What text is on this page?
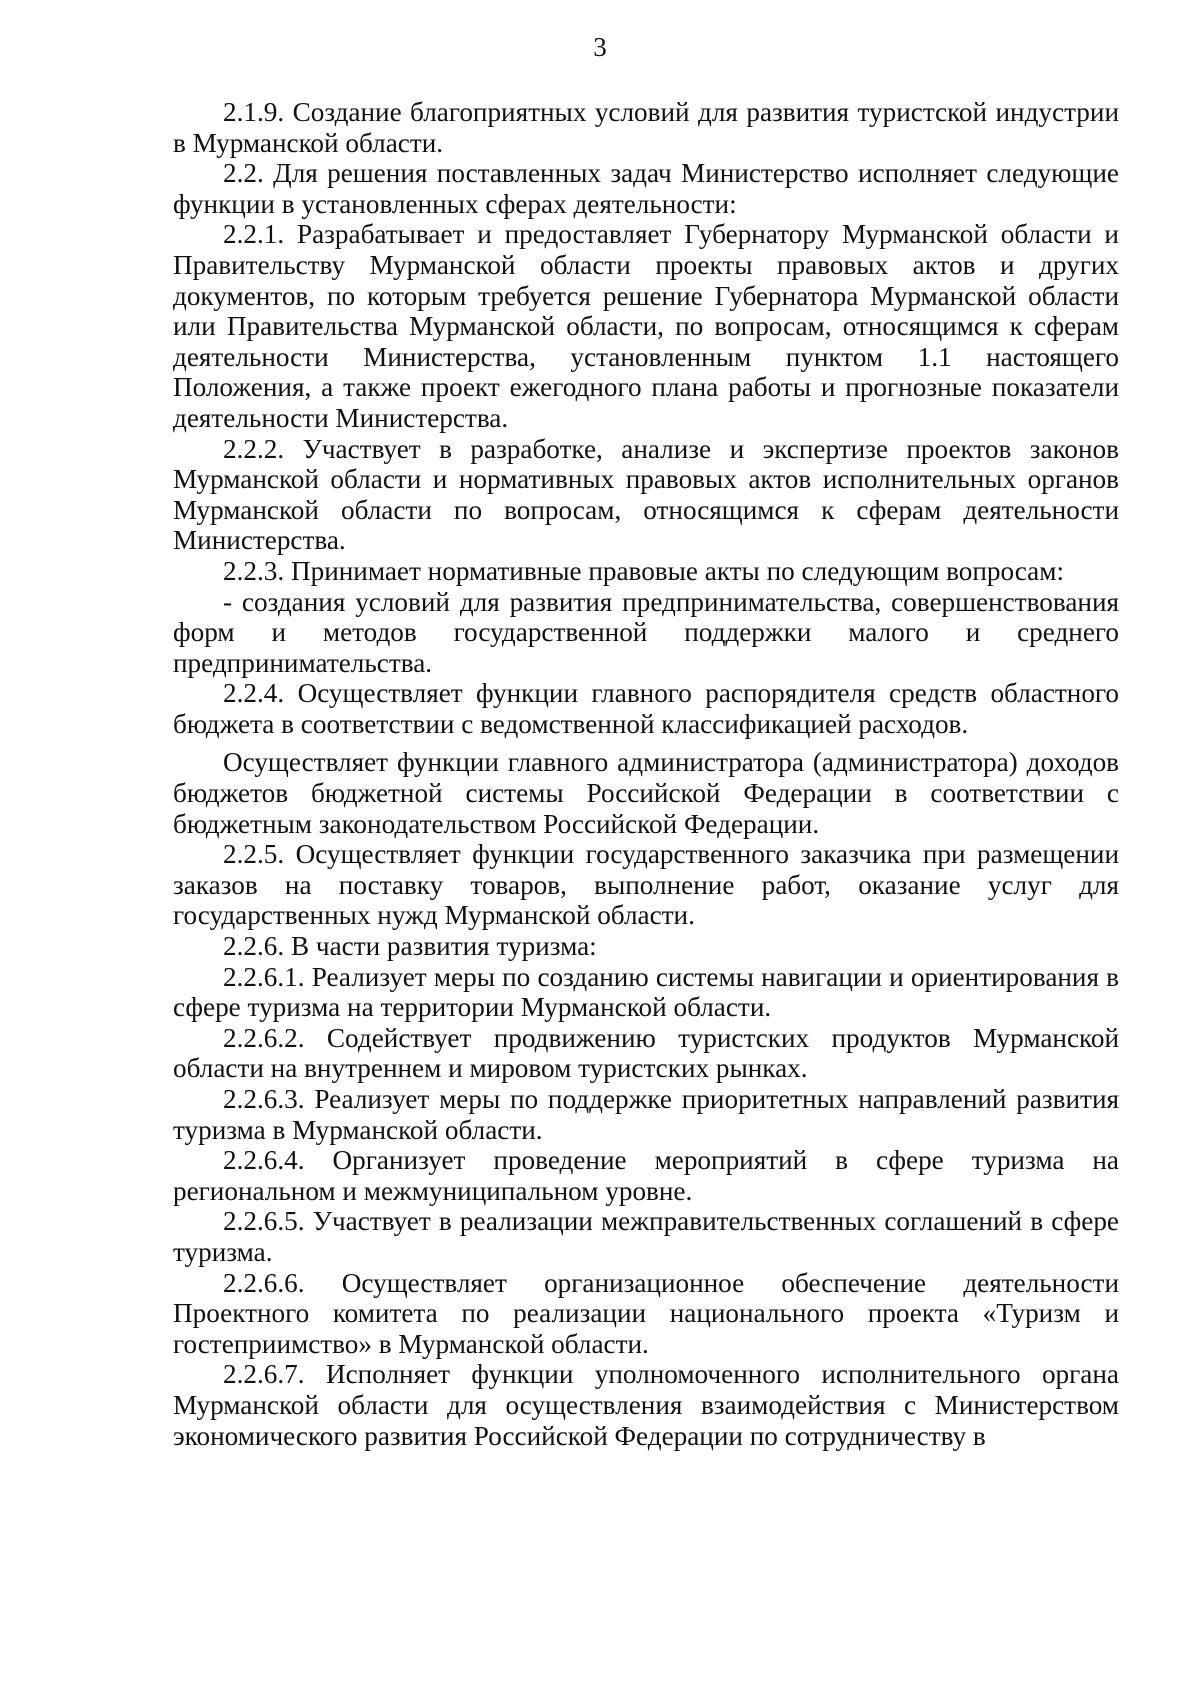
3

2.1.9. Создание благоприятных условий для развития туристской индустрии в Мурманской области.

2.2. Для решения поставленных задач Министерство исполняет следующие функции в установленных сферах деятельности:

2.2.1. Разрабатывает и предоставляет Губернатору Мурманской области и Правительству Мурманской области проекты правовых актов и других документов, по которым требуется решение Губернатора Мурманской области или Правительства Мурманской области, по вопросам, относящимся к сферам деятельности Министерства, установленным пунктом 1.1 настоящего Положения, а также проект ежегодного плана работы и прогнозные показатели деятельности Министерства.

2.2.2. Участвует в разработке, анализе и экспертизе проектов законов Мурманской области и нормативных правовых актов исполнительных органов Мурманской области по вопросам, относящимся к сферам деятельности Министерства.

2.2.3. Принимает нормативные правовые акты по следующим вопросам:

- создания условий для развития предпринимательства, совершенствования форм и методов государственной поддержки малого и среднего предпринимательства.

2.2.4. Осуществляет функции главного распорядителя средств областного бюджета в соответствии с ведомственной классификацией расходов.

Осуществляет функции главного администратора (администратора) доходов бюджетов бюджетной системы Российской Федерации в соответствии с бюджетным законодательством Российской Федерации.

2.2.5. Осуществляет функции государственного заказчика при размещении заказов на поставку товаров, выполнение работ, оказание услуг для государственных нужд Мурманской области.

2.2.6. В части развития туризма:

2.2.6.1. Реализует меры по созданию системы навигации и ориентирования в сфере туризма на территории Мурманской области.

2.2.6.2. Содействует продвижению туристских продуктов Мурманской области на внутреннем и мировом туристских рынках.

2.2.6.3. Реализует меры по поддержке приоритетных направлений развития туризма в Мурманской области.

2.2.6.4. Организует проведение мероприятий в сфере туризма на региональном и межмуниципальном уровне.

2.2.6.5. Участвует в реализации межправительственных соглашений в сфере туризма.

2.2.6.6. Осуществляет организационное обеспечение деятельности Проектного комитета по реализации национального проекта «Туризм и гостеприимство» в Мурманской области.

2.2.6.7. Исполняет функции уполномоченного исполнительного органа Мурманской области для осуществления взаимодействия с Министерством экономического развития Российской Федерации по сотрудничеству в
